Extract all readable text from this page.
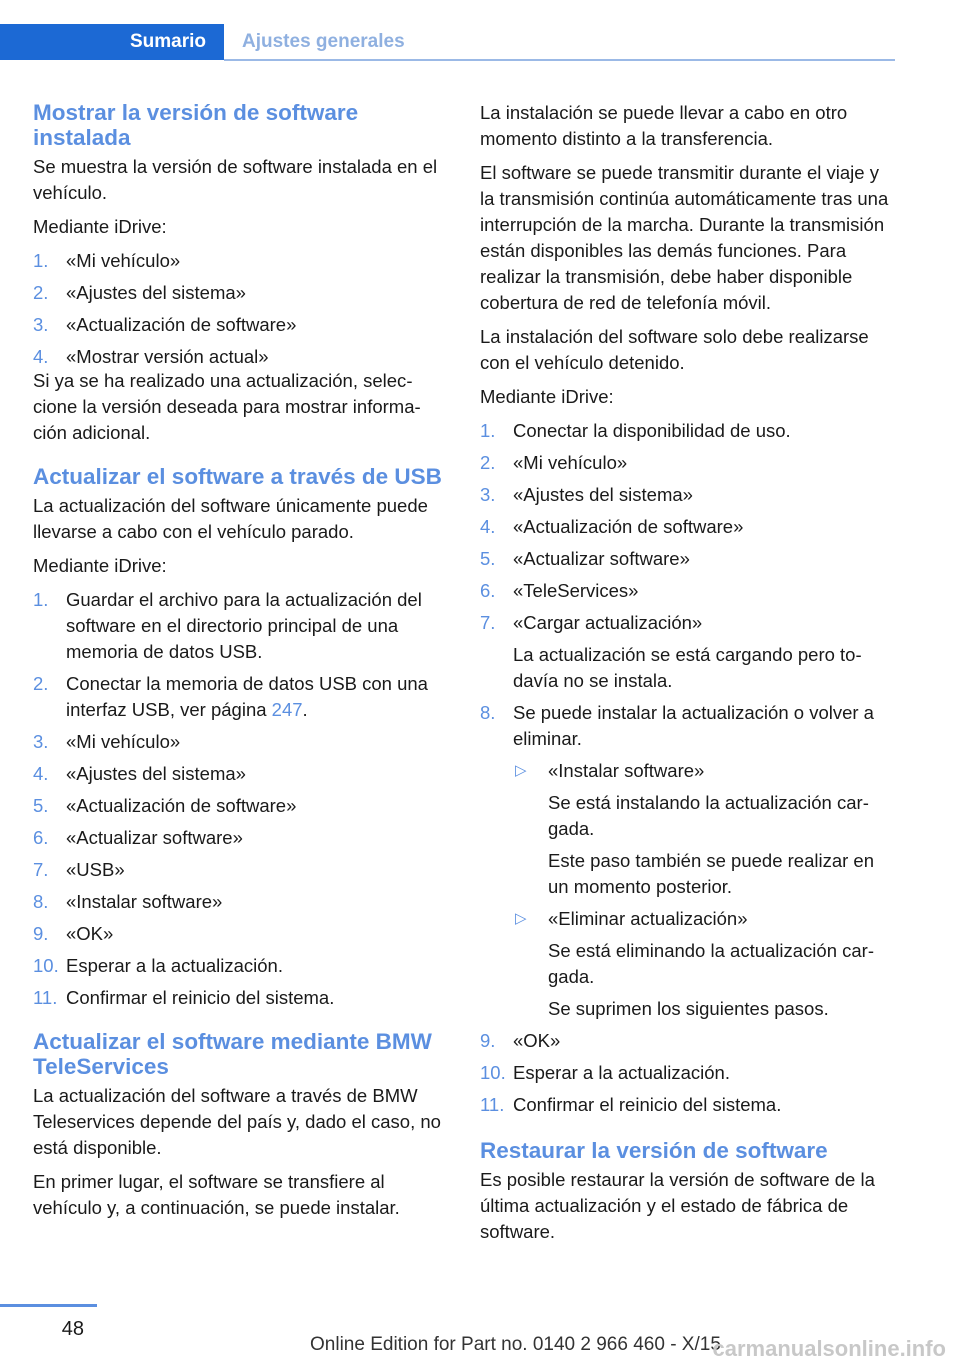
Sumario	Ajustes generales
Mostrar la versión de software instalada

Se muestra la versión de software instalada en el vehículo.

Mediante iDrive:

1. «Mi vehículo»
2. «Ajustes del sistema»
3. «Actualización de software»
4. «Mostrar versión actual»

Si ya se ha realizado una actualización, seleccione la versión deseada para mostrar información adicional.

Actualizar el software a través de USB

La actualización del software únicamente puede llevarse a cabo con el vehículo parado.

Mediante iDrive:

1. Guardar el archivo para la actualización del software en el directorio principal de una memoria de datos USB.
2. Conectar la memoria de datos USB con una interfaz USB, ver página 247.
3. «Mi vehículo»
4. «Ajustes del sistema»
5. «Actualización de software»
6. «Actualizar software»
7. «USB»
8. «Instalar software»
9. «OK»
10. Esperar a la actualización.
11. Confirmar el reinicio del sistema.
Actualizar el software mediante BMW TeleServices

La actualización del software a través de BMW Teleservices depende del país y, dado el caso, no está disponible.

En primer lugar, el software se transfiere al vehículo y, a continuación, se puede instalar.

La instalación se puede llevar a cabo en otro momento distinto a la transferencia.

El software se puede transmitir durante el viaje y la transmisión continúa automáticamente tras una interrupción de la marcha. Durante la transmisión están disponibles las demás funciones. Para realizar la transmisión, debe haber disponible cobertura de red de telefonía móvil.

La instalación del software solo debe realizarse con el vehículo detenido.

Mediante iDrive:

1. Conectar la disponibilidad de uso.
2. «Mi vehículo»
3. «Ajustes del sistema»
4. «Actualización de software»
5. «Actualizar software»
6. «TeleServices»
7. «Cargar actualización»
La actualización se está cargando pero todavía no se instala.
8. Se puede instalar la actualización o volver a eliminar.
▷ «Instalar software»
Se está instalando la actualización cargada.
Este paso también se puede realizar en un momento posterior.
▷ «Eliminar actualización»
Se está eliminando la actualización cargada.
Se suprimen los siguientes pasos.
9. «OK»
10. Esperar a la actualización.
11. Confirmar el reinicio del sistema.
Restaurar la versión de software

Es posible restaurar la versión de software de la última actualización y el estado de fábrica de software.

48
Online Edition for Part no. 0140 2 966 460 - X/15
carmanualsonline.info
